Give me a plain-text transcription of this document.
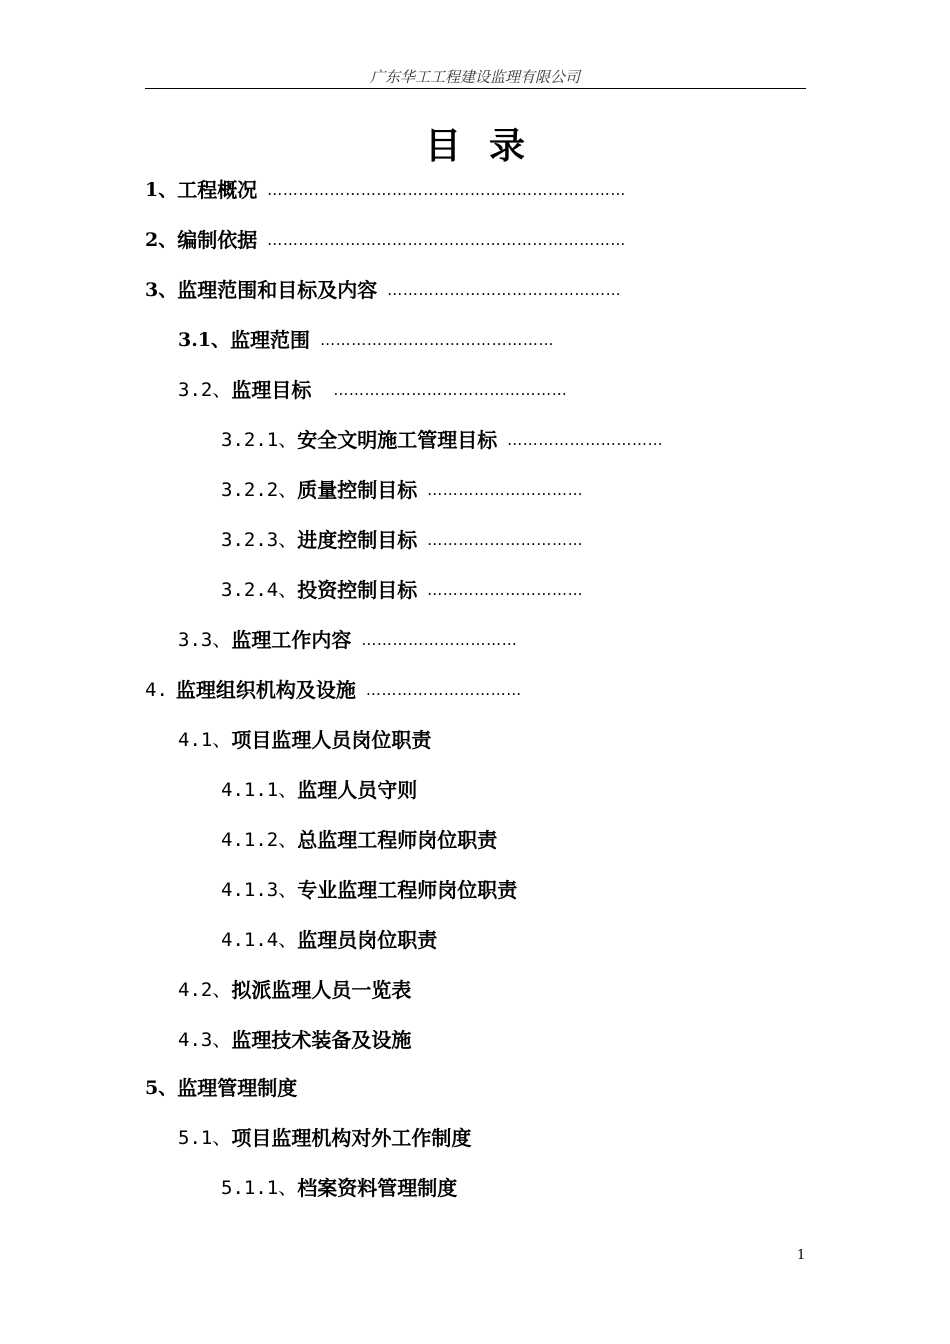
广东华工工程建设监理有限公司
目录
1、 工程概况 ……………………………………………………………
2、 编制依据 ……………………………………………………………
3、 监理范围和目标及内容 ………………………………………
3.1、 监理范围 ………………………………………
3.2、 监理目标 ………………………………………
3.2.1、 安全文明施工管理目标 …………………………
3.2.2、 质量控制目标 …………………………
3.2.3、 进度控制目标 …………………………
3.2.4、 投资控制目标 …………………………
3.3、 监理工作内容 …………………………
4. 监理组织机构及设施 …………………………
4.1、 项目监理人员岗位职责
4.1.1、 监理人员守则
4.1.2、 总监理工程师岗位职责
4.1.3、 专业监理工程师岗位职责
4.1.4、 监理员岗位职责
4.2、 拟派监理人员一览表
4.3、 监理技术装备及设施
5、 监理管理制度
5.1、 项目监理机构对外工作制度
5.1.1、 档案资料管理制度
1
